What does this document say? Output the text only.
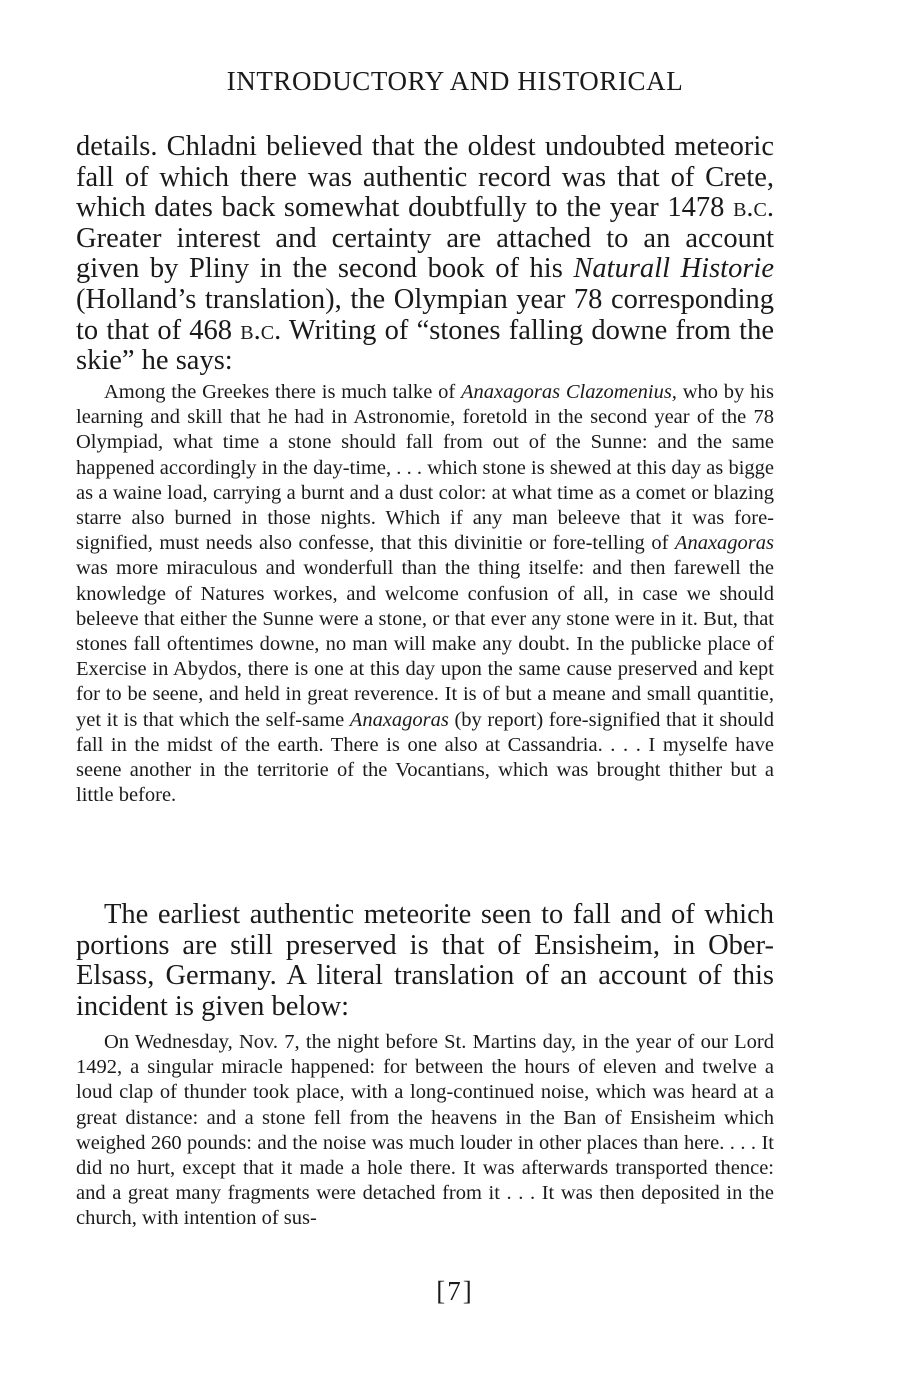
INTRODUCTORY AND HISTORICAL

details. Chladni believed that the oldest undoubted meteoric fall of which there was authentic record was that of Crete, which dates back somewhat doubtfully to the year 1478 b.c. Greater interest and certainty are attached to an account given by Pliny in the second book of his Naturall Historie (Holland’s translation), the Olympian year 78 corresponding to that of 468 b.c. Writing of “stones falling downe from the skie” he says:

Among the Greekes there is much talke of Anaxagoras Clazomenius, who by his learning and skill that he had in Astronomie, foretold in the second year of the 78 Olympiad, what time a stone should fall from out of the Sunne: and the same happened accordingly in the day-time, . . . which stone is shewed at this day as bigge as a waine load, carrying a burnt and a dust color: at what time as a comet or blazing starre also burned in those nights. Which if any man beleeve that it was fore-signified, must needs also confesse, that this divinitie or fore-telling of Anaxagoras was more miraculous and wonderfull than the thing itselfe: and then farewell the knowledge of Natures workes, and welcome confusion of all, in case we should beleeve that either the Sunne were a stone, or that ever any stone were in it. But, that stones fall oftentimes downe, no man will make any doubt. In the publicke place of Exercise in Abydos, there is one at this day upon the same cause preserved and kept for to be seene, and held in great reverence. It is of but a meane and small quantitie, yet it is that which the self-same Anaxagoras (by report) fore-signified that it should fall in the midst of the earth. There is one also at Cassandria. . . . I myselfe have seene another in the territorie of the Vocantians, which was brought thither but a little before.

The earliest authentic meteorite seen to fall and of which portions are still preserved is that of Ensisheim, in Ober-Elsass, Germany. A literal translation of an account of this incident is given below:

On Wednesday, Nov. 7, the night before St. Martins day, in the year of our Lord 1492, a singular miracle happened: for between the hours of eleven and twelve a loud clap of thunder took place, with a long-continued noise, which was heard at a great distance: and a stone fell from the heavens in the Ban of Ensisheim which weighed 260 pounds: and the noise was much louder in other places than here. . . . It did no hurt, except that it made a hole there. It was afterwards transported thence: and a great many fragments were detached from it . . . It was then deposited in the church, with intention of sus-

[7]
